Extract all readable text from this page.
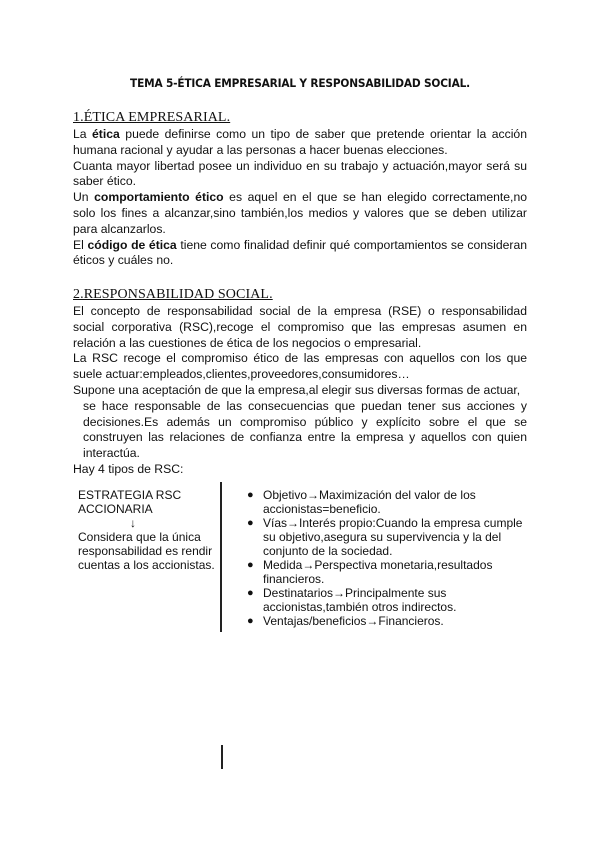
TEMA 5-ÉTICA EMPRESARIAL Y RESPONSABILIDAD SOCIAL.
1.ÉTICA EMPRESARIAL.

La ética puede definirse como un tipo de saber que pretende orientar la acción humana racional y ayudar a las personas a hacer buenas elecciones.

Cuanta mayor libertad posee un individuo en su trabajo y actuación,mayor será su saber ético.

Un comportamiento ético es aquel en el que se han elegido correctamente,no solo los fines a alcanzar,sino también,los medios y valores que se deben utilizar para alcanzarlos.

El código de ética tiene como finalidad definir qué comportamientos se consideran éticos y cuáles no.

2.RESPONSABILIDAD SOCIAL.

El concepto de responsabilidad social de la empresa (RSE) o responsabilidad social corporativa (RSC),recoge el compromiso que las empresas asumen en relación a las cuestiones de ética de los negocios o empresarial.

La RSC recoge el compromiso ético de las empresas con aquellos con los que suele actuar:empleados,clientes,proveedores,consumidores…

Supone una aceptación de que la empresa,al elegir sus diversas formas de actuar,

se hace responsable de las consecuencias que puedan tener sus acciones y decisiones.Es además un compromiso público y explícito sobre el que se construyen las relaciones de confianza entre la empresa y aquellos con quien interactúa.

Hay 4 tipos de RSC:

ESTRATEGIA RSC ACCIONARIA

↓

Considera que la única responsabilidad es rendir cuentas a los accionistas.

● Objetivo→Maximización del valor de los accionistas=beneficio.
● Vías→Interés propio:Cuando la empresa cumple su objetivo,asegura su supervivencia y la del conjunto de la sociedad.
● Medida→Perspectiva monetaria,resultados financieros.
● Destinatarios→Principalmente sus accionistas,también otros indirectos.
● Ventajas/beneficios→Financieros.
